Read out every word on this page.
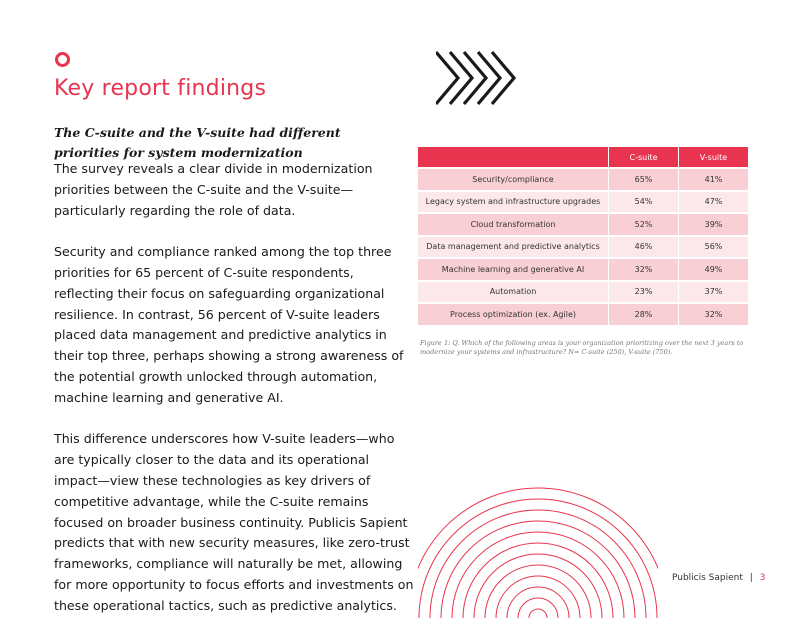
Key report findings
The C-suite and the V-suite had different priorities for system modernization

The survey reveals a clear divide in modernization priorities between the C-suite and the V-suite—particularly regarding the role of data.

Security and compliance ranked among the top three priorities for 65 percent of C-suite respondents, reflecting their focus on safeguarding organizational resilience. In contrast, 56 percent of V-suite leaders placed data management and predictive analytics in their top three, perhaps showing a strong awareness of the potential growth unlocked through automation, machine learning and generative AI.

This difference underscores how V-suite leaders—who are typically closer to the data and its operational impact—view these technologies as key drivers of competitive advantage, while the C-suite remains focused on broader business continuity. Publicis Sapient predicts that with new security measures, like zero-trust frameworks, compliance will naturally be met, allowing for more opportunity to focus efforts and investments on these operational tactics, such as predictive analytics.

	C-suite	V-suite
Security/compliance	65%	41%
Legacy system and infrastructure upgrades	54%	47%
Cloud transformation	52%	39%
Data management and predictive analytics	46%	56%
Machine learning and generative AI	32%	49%
Automation	23%	37%
Process optimization (ex. Agile)	28%	32%

Figure 1: Q. Which of the following areas is your organization prioritizing over the next 3 years to modernize your systems and infrastructure? N= C-suite (250), V-suite (750).

Publicis Sapient | 3
